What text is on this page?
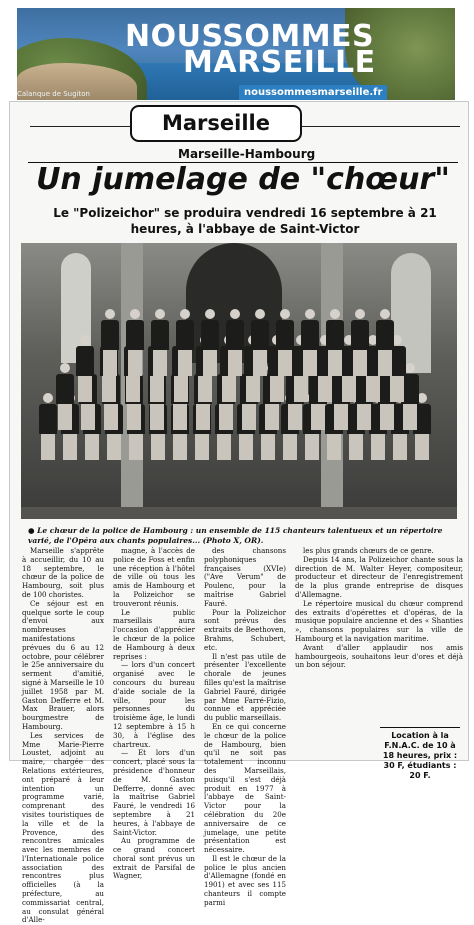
NOUSSOMMES
MARSEILLE
noussommesmarseille.fr
Calanque de Sugiton
Marseille
Marseille-Hambourg
Un jumelage de "chœur"
Le "Polizeichor" se produira vendredi 16 septembre à 21 heures, à l'abbaye de Saint-Victor
● Le chœur de la police de Hambourg : un ensemble de 115 chanteurs talentueux et un répertoire varié, de l'Opéra aux chants populaires... (Photo X, OR).

Marseille s'apprête à accueillir, du 10 au 18 septembre, le chœur de la police de Hambourg, soit plus de 100 choristes.

Ce séjour est en quelque sorte le coup d'envoi aux nombreuses manifestations prévues du 6 au 12 octobre, pour célébrer le 25e anniversaire du serment d'amitié, signé à Marseille le 10 juillet 1958 par M. Gaston Defferre et M. Max Brauer, alors bourgmestre de Hambourg.

Les services de Mme Marie-Pierre Loustet, adjoint au maire, chargée des Relations extérieures, ont préparé à leur intention un programme varié, comprenant des visites touristiques de la ville et de la Provence, des rencontres amicales avec les membres de l'Internationale police association des rencontres plus officielles (à la préfecture, au commissariat central, au consulat général d'Alle-

magne, à l'accès de police de Foss et enfin une réception à l'hôtel de ville où tous les amis de Hambourg et la Polizeichor se trouveront réunis.

Le public marseillais aura l'occasion d'apprécier le chœur de la police de Hambourg à deux reprises :

— lors d'un concert organisé avec le concours du bureau d'aide sociale de la ville, pour les personnes du troisième âge, le lundi 12 septembre à 15 h 30, à l'église des chartreux.

— Et lors d'un concert, placé sous la présidence d'honneur de M. Gaston Defferre, donné avec la maîtrise Gabriel Fauré, le vendredi 16 septembre à 21 heures, à l'abbaye de Saint-Victor.

Au programme de ce grand concert choral sont prévus un extrait de Parsifal de Wagner,

des chansons polyphoniques françaises (XVIe) ("Ave Verum" de Poulenc, pour la maîtrise Gabriel Fauré.

Pour la Polizeichor sont prévus des extraits de Beethoven, Brahms, Schubert, etc.

Il n'est pas utile de présenter l'excellente chorale de jeunes filles qu'est la maîtrise Gabriel Fauré, dirigée par Mme Farré-Fizio, connue et appréciée du public marseillais.

En ce qui concerne le chœur de la police de Hambourg, bien qu'il ne soit pas totalement inconnu des Marseillais, puisqu'il s'est déjà produit en 1977 à l'abbaye de Saint-Victor pour la célébration du 20e anniversaire de ce jumelage, une petite présentation est nécessaire.

Il est le chœur de la police le plus ancien d'Allemagne (fondé en 1901) et avec ses 115 chanteurs il compte parmi

les plus grands chœurs de ce genre.

Depuis 14 ans, la Polizeichor chante sous la direction de M. Walter Heyer, compositeur, producteur et directeur de l'enregistrement de la plus grande entreprise de disques d'Allemagne.

Le répertoire musical du chœur comprend des extraits d'opérettes et d'opéras, de la musique populaire ancienne et des « Shanties », chansons populaires sur la ville de Hambourg et la navigation maritime.

Avant d'aller applaudir nos amis hambourgeois, souhaitons leur d'ores et déjà un bon séjour.

Location à la F.N.A.C. de 10 à 18 heures, prix : 30 F, étudiants : 20 F.
